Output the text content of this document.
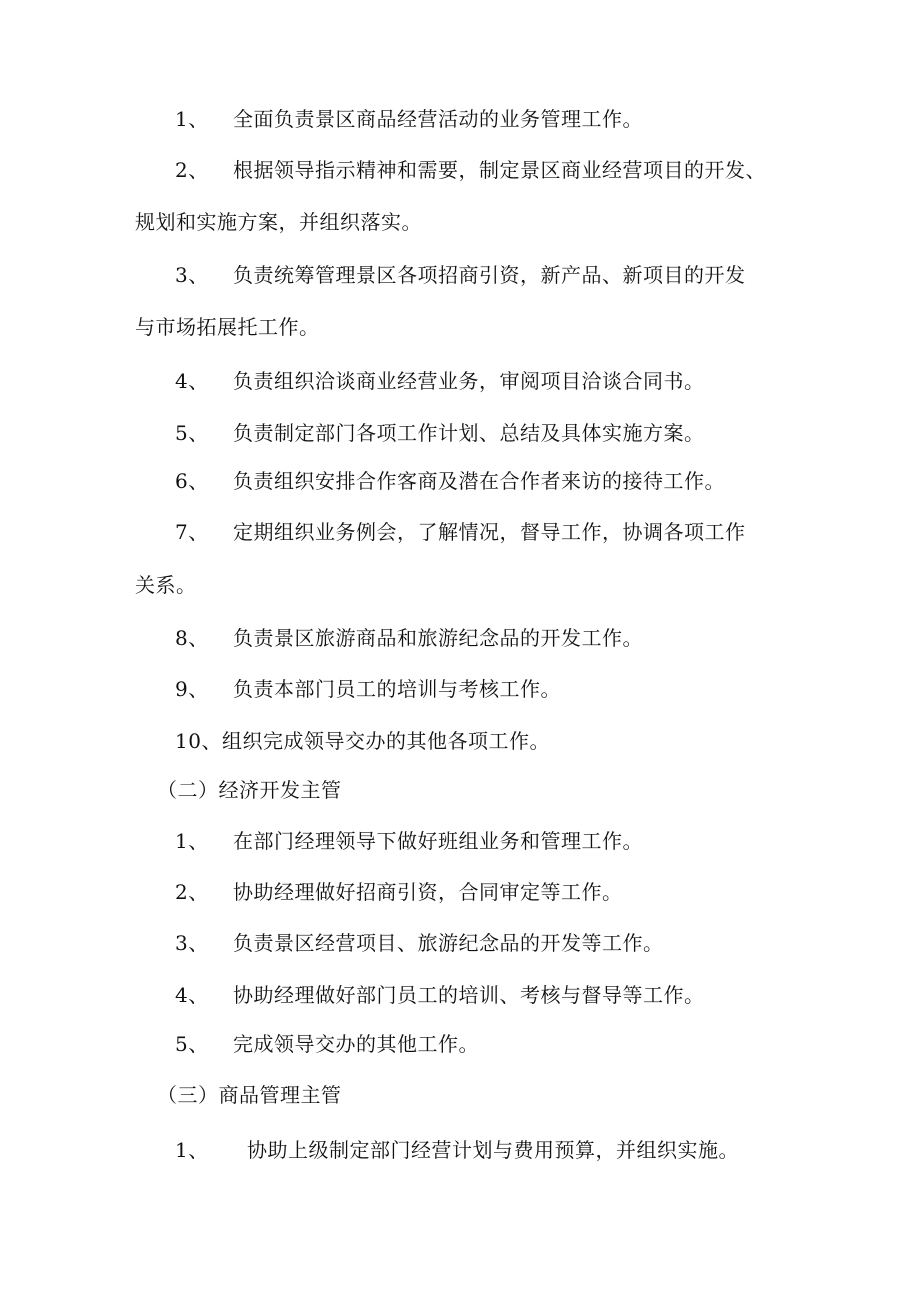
1、 全面负责景区商品经营活动的业务管理工作。
2、 根据领导指示精神和需要，制定景区商业经营项目的开发、
规划和实施方案，并组织落实。
3、 负责统筹管理景区各项招商引资，新产品、新项目的开发
与市场拓展托工作。
4、 负责组织洽谈商业经营业务，审阅项目洽谈合同书。
5、 负责制定部门各项工作计划、总结及具体实施方案。
6、 负责组织安排合作客商及潜在合作者来访的接待工作。
7、 定期组织业务例会，了解情况，督导工作，协调各项工作
关系。
8、 负责景区旅游商品和旅游纪念品的开发工作。
9、 负责本部门员工的培训与考核工作。
10、组织完成领导交办的其他各项工作。
（二）经济开发主管
1、 在部门经理领导下做好班组业务和管理工作。
2、 协助经理做好招商引资，合同审定等工作。
3、 负责景区经营项目、旅游纪念品的开发等工作。
4、 协助经理做好部门员工的培训、考核与督导等工作。
5、 完成领导交办的其他工作。
（三）商品管理主管
1、 协助上级制定部门经营计划与费用预算，并组织实施。
